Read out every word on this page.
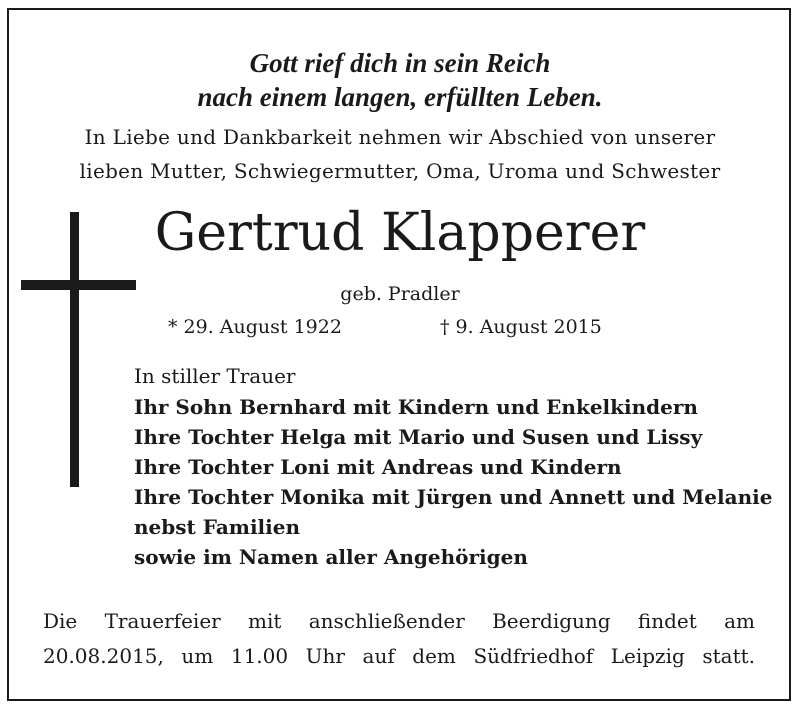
Gott rief dich in sein Reich
nach einem langen, erfüllten Leben.
In Liebe und Dankbarkeit nehmen wir Abschied von unserer
lieben Mutter, Schwiegermutter, Oma, Uroma und Schwester
Gertrud Klapperer
geb. Pradler
* 29. August 1922	† 9. August 2015
In stiller Trauer
Ihr Sohn Bernhard mit Kindern und Enkelkindern
Ihre Tochter Helga mit Mario und Susen und Lissy
Ihre Tochter Loni mit Andreas und Kindern
Ihre Tochter Monika mit Jürgen und Annett und Melanie
nebst Familien
sowie im Namen aller Angehörigen
Die Trauerfeier mit anschließender Beerdigung findet am
20.08.2015, um 11.00 Uhr auf dem Südfriedhof Leipzig statt.
